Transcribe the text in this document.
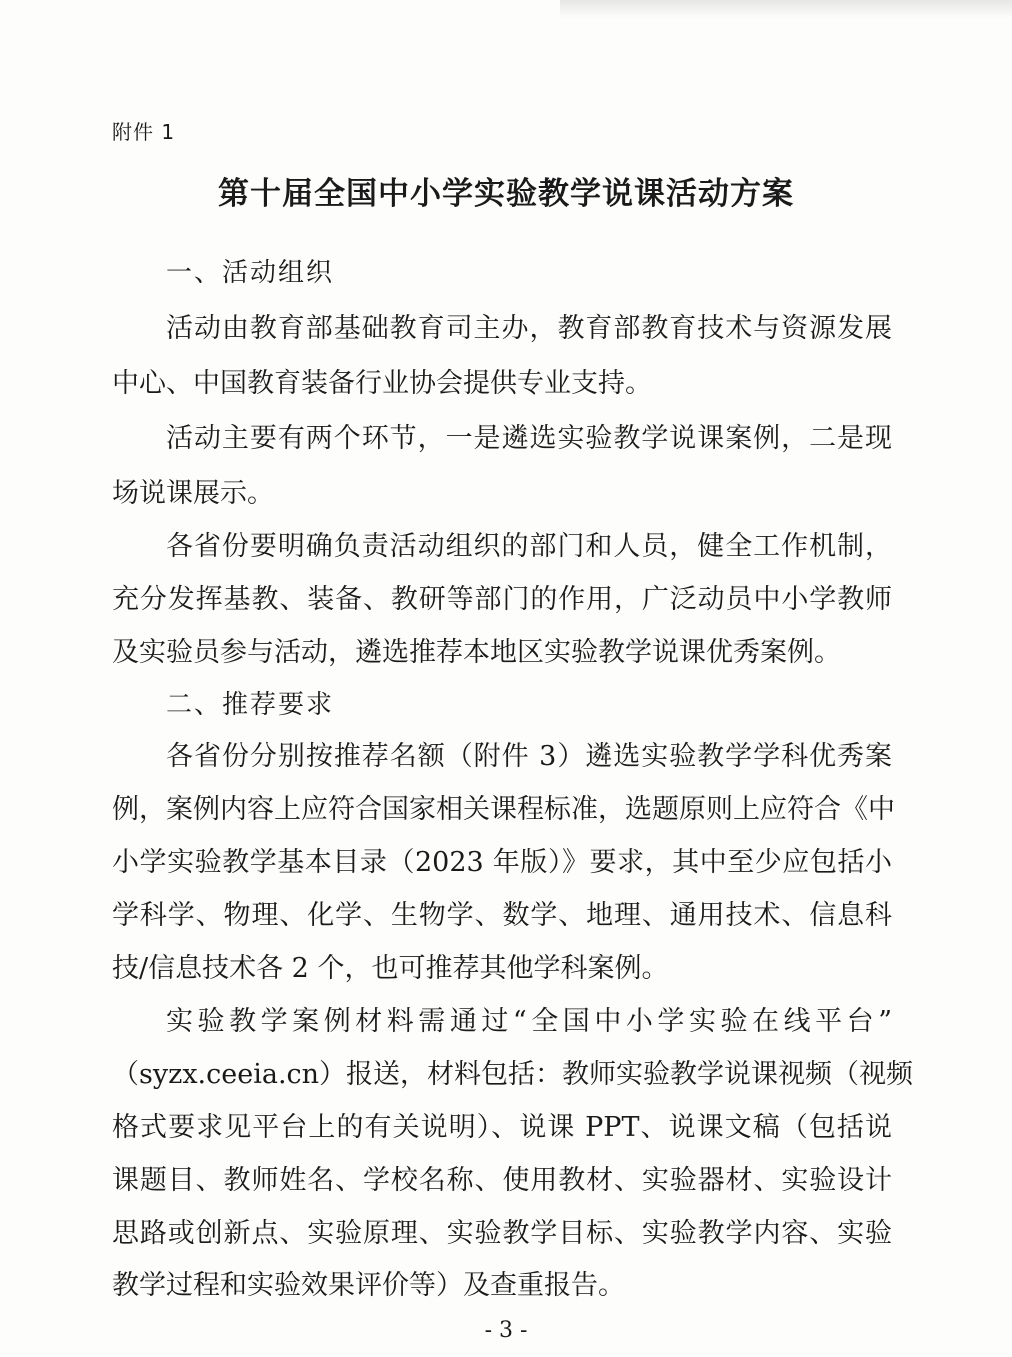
附件 1
第十届全国中小学实验教学说课活动方案
一、活动组织
活动由教育部基础教育司主办，教育部教育技术与资源发展
中心、中国教育装备行业协会提供专业支持。
活动主要有两个环节，一是遴选实验教学说课案例，二是现
场说课展示。
各省份要明确负责活动组织的部门和人员，健全工作机制，
充分发挥基教、装备、教研等部门的作用，广泛动员中小学教师
及实验员参与活动，遴选推荐本地区实验教学说课优秀案例。
二、推荐要求
各省份分别按推荐名额（附件 3）遴选实验教学学科优秀案
例，案例内容上应符合国家相关课程标准，选题原则上应符合《中
小学实验教学基本目录（2023 年版）》要求，其中至少应包括小
学科学、物理、化学、生物学、数学、地理、通用技术、信息科
技/信息技术各 2 个，也可推荐其他学科案例。
实验教学案例材料需通过“全国中小学实验在线平台”
（syzx.ceeia.cn）报送，材料包括：教师实验教学说课视频（视频
格式要求见平台上的有关说明）、说课 PPT、说课文稿（包括说
课题目、教师姓名、学校名称、使用教材、实验器材、实验设计
思路或创新点、实验原理、实验教学目标、实验教学内容、实验
教学过程和实验效果评价等）及查重报告。
- 3 -
